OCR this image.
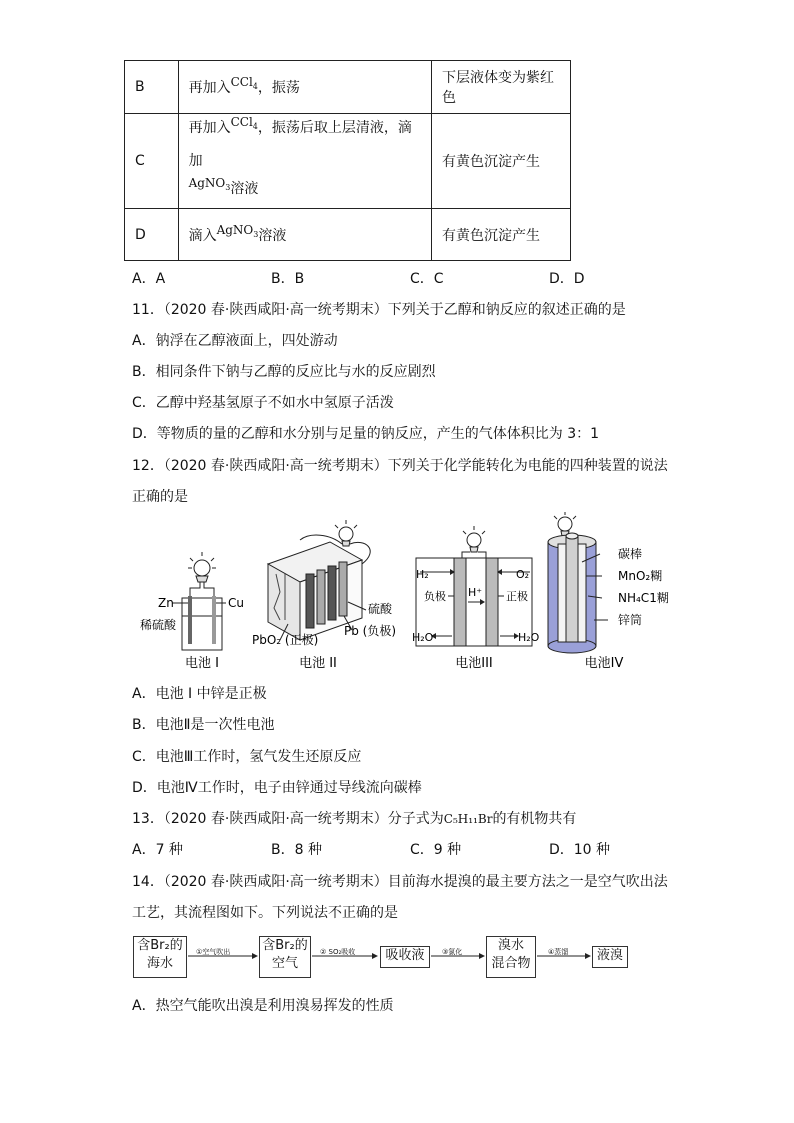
B	再加入CCl$_4$，振荡	下层液体变为紫红色
C	再加入CCl$_4$，振荡后取上层清液，滴加
AgNO$_3$溶液	有黄色沉淀产生
D	滴入AgNO$_3$溶液	有黄色沉淀产生
A．A	B．B	C．C	D．D
11．（2020 春·陕西咸阳·高一统考期末）下列关于乙醇和钠反应的叙述正确的是
A．钠浮在乙醇液面上，四处游动
B．相同条件下钠与乙醇的反应比与水的反应剧烈
C．乙醇中羟基氢原子不如水中氢原子活泼
D．等物质的量的乙醇和水分别与足量的钠反应，产生的气体体积比为 3：1
12．（2020 春·陕西咸阳·高一统考期末）下列关于化学能转化为电能的四种装置的说法
正确的是
Zn	Cu
稀硫酸
电池 I
硫酸
Pb (负极)
PbO₂ (正极)
电池 II
H₂	O₂
负极	正极
H⁺
H₂O	H₂O
电池III
碳棒
MnO₂糊
NH₄C1糊
锌筒
电池IV
A．电池 I 中锌是正极
B．电池Ⅱ是一次性电池
C．电池Ⅲ工作时，氢气发生还原反应
D．电池Ⅳ工作时，电子由锌通过导线流向碳棒
13．（2020 春·陕西咸阳·高一统考期末）分子式为C₅H₁₁Br的有机物共有
A．7 种	B．8 种	C．9 种	D．10 种
14．（2020 春·陕西咸阳·高一统考期末）目前海水提溴的最主要方法之一是空气吹出法
工艺，其流程图如下。下列说法不正确的是
含Br₂的
海水
①空气吹出 含Br₂的
空气
② SO₂吸收	吸收液	③氯化	溴水
混合物
④蒸馏	液溴
A．热空气能吹出溴是利用溴易挥发的性质
